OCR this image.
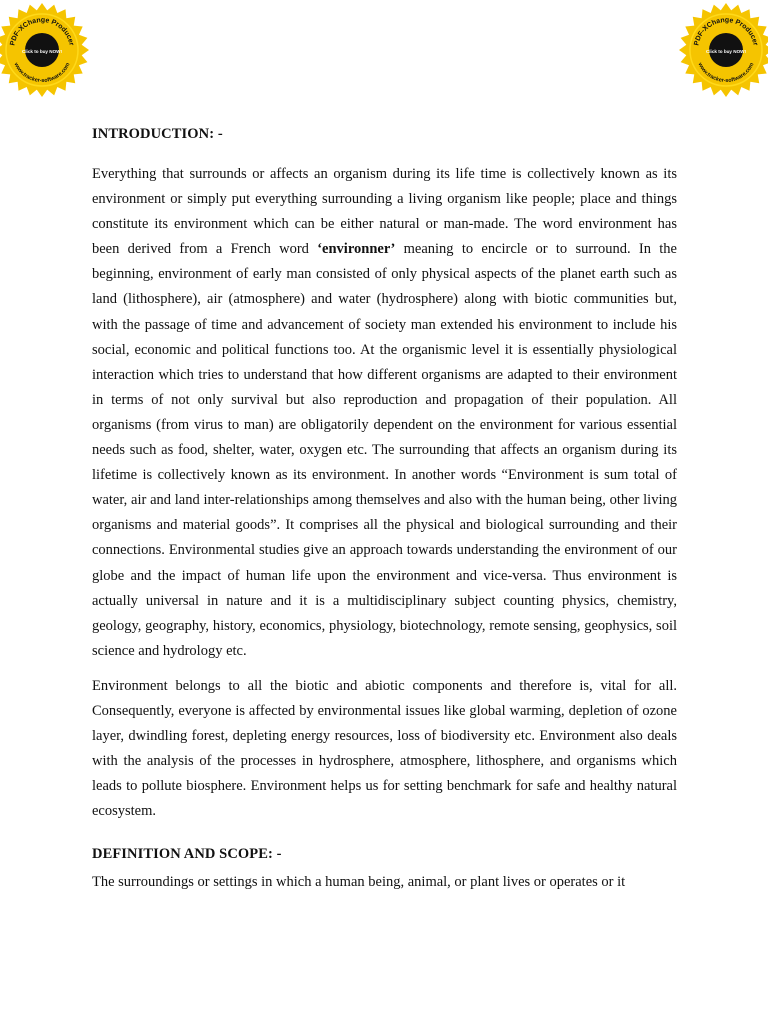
PDF-XChange Producer
Click to buy NOW!
www.tracker-software.com
PDF-XChange Producer
Click to buy NOW!
www.tracker-software.com
INTRODUCTION: -

Everything that surrounds or affects an organism during its life time is collectively known as its environment or simply put everything surrounding a living organism like people; place and things constitute its environment which can be either natural or man-made. The word environment has been derived from a French word ‘environner’ meaning to encircle or to surround. In the beginning, environment of early man consisted of only physical aspects of the planet earth such as land (lithosphere), air (atmosphere) and water (hydrosphere) along with biotic communities but, with the passage of time and advancement of society man extended his environment to include his social, economic and political functions too. At the organismic level it is essentially physiological interaction which tries to understand that how different organisms are adapted to their environment in terms of not only survival but also reproduction and propagation of their population. All organisms (from virus to man) are obligatorily dependent on the environment for various essential needs such as food, shelter, water, oxygen etc. The surrounding that affects an organism during its lifetime is collectively known as its environment. In another words “Environment is sum total of water, air and land inter-relationships among themselves and also with the human being, other living organisms and material goods”. It comprises all the physical and biological surrounding and their connections. Environmental studies give an approach towards understanding the environment of our globe and the impact of human life upon the environment and vice-versa. Thus environment is actually universal in nature and it is a multidisciplinary subject counting physics, chemistry, geology, geography, history, economics, physiology, biotechnology, remote sensing, geophysics, soil science and hydrology etc.

Environment belongs to all the biotic and abiotic components and therefore is, vital for all. Consequently, everyone is affected by environmental issues like global warming, depletion of ozone layer, dwindling forest, depleting energy resources, loss of biodiversity etc. Environment also deals with the analysis of the processes in hydrosphere, atmosphere, lithosphere, and organisms which leads to pollute biosphere. Environment helps us for setting benchmark for safe and healthy natural ecosystem.

DEFINITION AND SCOPE: -

The surroundings or settings in which a human being, animal, or plant lives or operates or it
